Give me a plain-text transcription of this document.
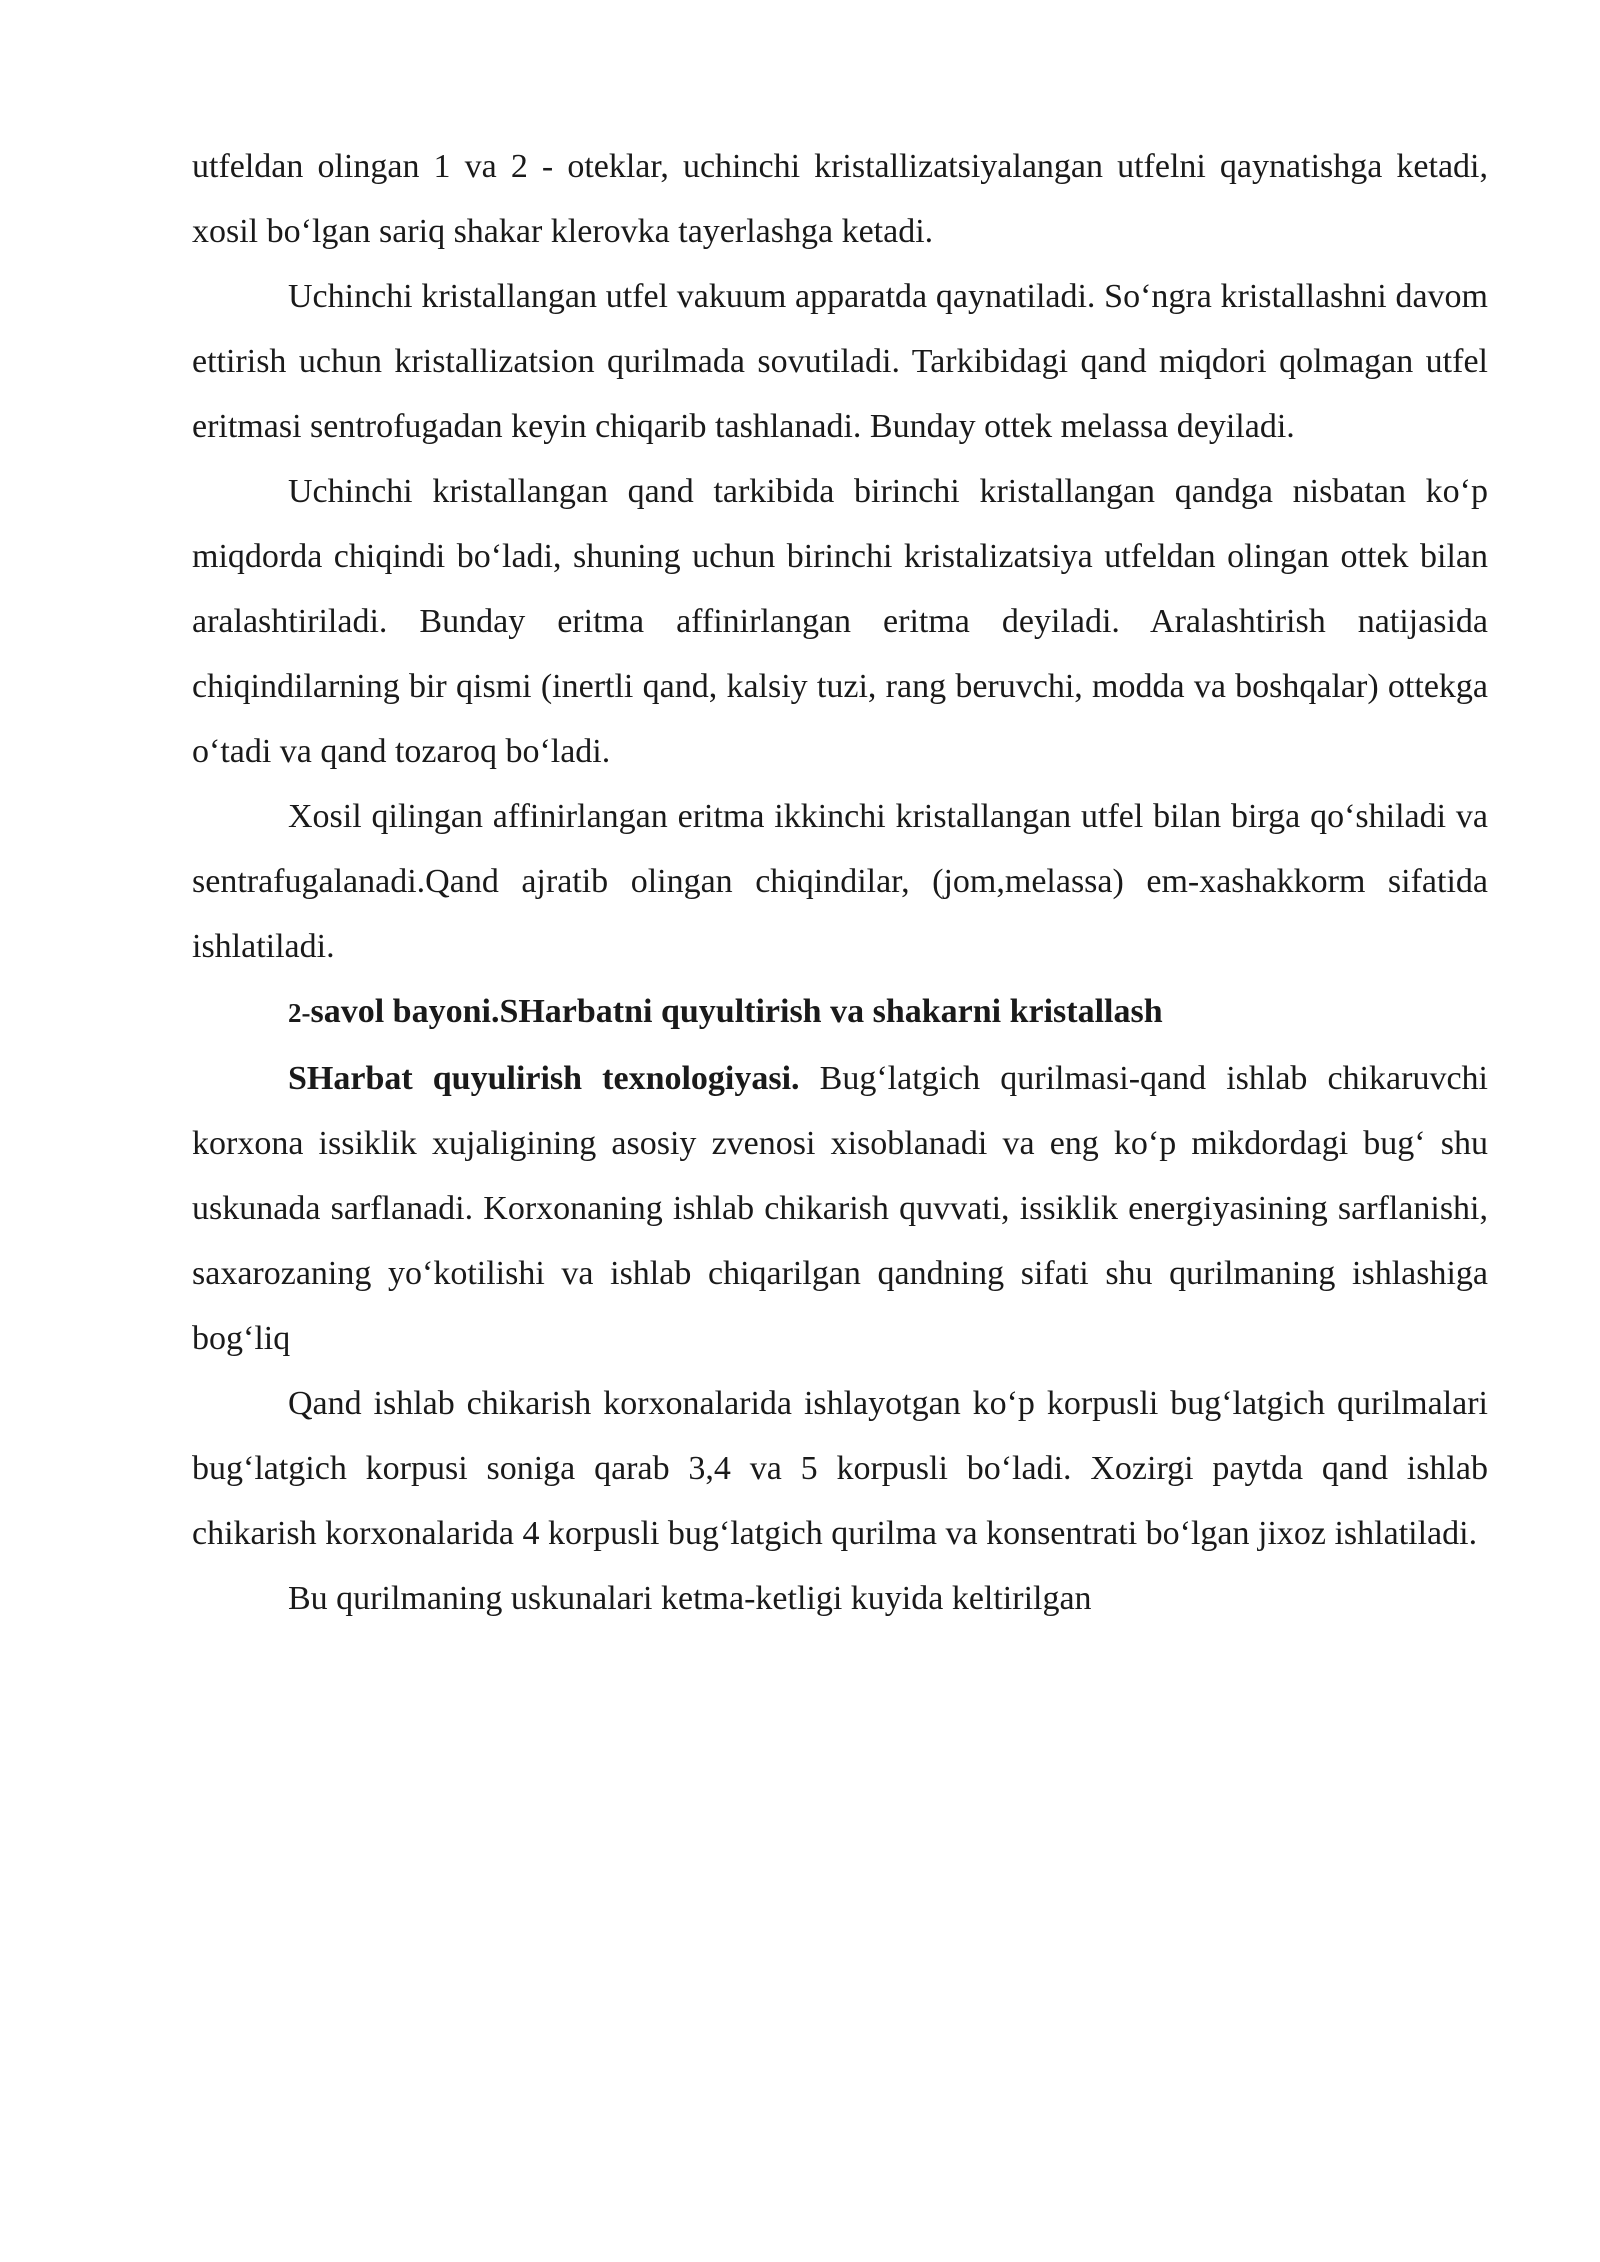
utfeldan olingan 1 va 2 - oteklar, uchinchi kristallizatsiyalangan utfelni qaynatishga ketadi, xosil bo‘lgan sariq shakar klerovka tayerlashga ketadi.

Uchinchi kristallangan utfel vakuum apparatda qaynatiladi. So‘ngra kristallashni davom ettirish uchun kristallizatsion qurilmada sovutiladi. Tarkibidagi qand miqdori qolmagan utfel eritmasi sentrofugadan keyin chiqarib tashlanadi. Bunday ottek melassa deyiladi.

Uchinchi kristallangan qand tarkibida birinchi kristallangan qandga nisbatan ko‘p miqdorda chiqindi bo‘ladi, shuning uchun birinchi kristalizatsiya utfeldan olingan ottek bilan aralashtiriladi. Bunday eritma affinirlangan eritma deyiladi. Aralashtirish natijasida chiqindilarning bir qismi (inertli qand, kalsiy tuzi, rang beruvchi, modda va boshqalar) ottekga o‘tadi va qand tozaroq bo‘ladi.

Xosil qilingan affinirlangan eritma ikkinchi kristallangan utfel bilan birga qo‘shiladi va sentrafugalanadi.Qand ajratib olingan chiqindilar, (jom,melassa) em-xashakkorm sifatida ishlatiladi.

2-savol bayoni.SHarbatni quyultirish va shakarni kristallash

SHarbat quyulirish texnologiyasi. Bug‘latgich qurilmasi-qand ishlab chikaruvchi korxona issiklik xujaligining asosiy zvenosi xisoblanadi va eng ko‘p mikdordagi bug‘ shu uskunada sarflanadi. Korxonaning ishlab chikarish quvvati, issiklik energiyasining sarflanishi, saxarozaning yo‘kotilishi va ishlab chiqarilgan qandning sifati shu qurilmaning ishlashiga bog‘liq

Qand ishlab chikarish korxonalarida ishlayotgan ko‘p korpusli bug‘latgich qurilmalari bug‘latgich korpusi soniga qarab 3,4 va 5 korpusli bo‘ladi. Xozirgi paytda qand ishlab chikarish korxonalarida 4 korpusli bug‘latgich qurilma va konsentrati bo‘lgan jixoz ishlatiladi.

Bu qurilmaning uskunalari ketma-ketligi kuyida keltirilgan
